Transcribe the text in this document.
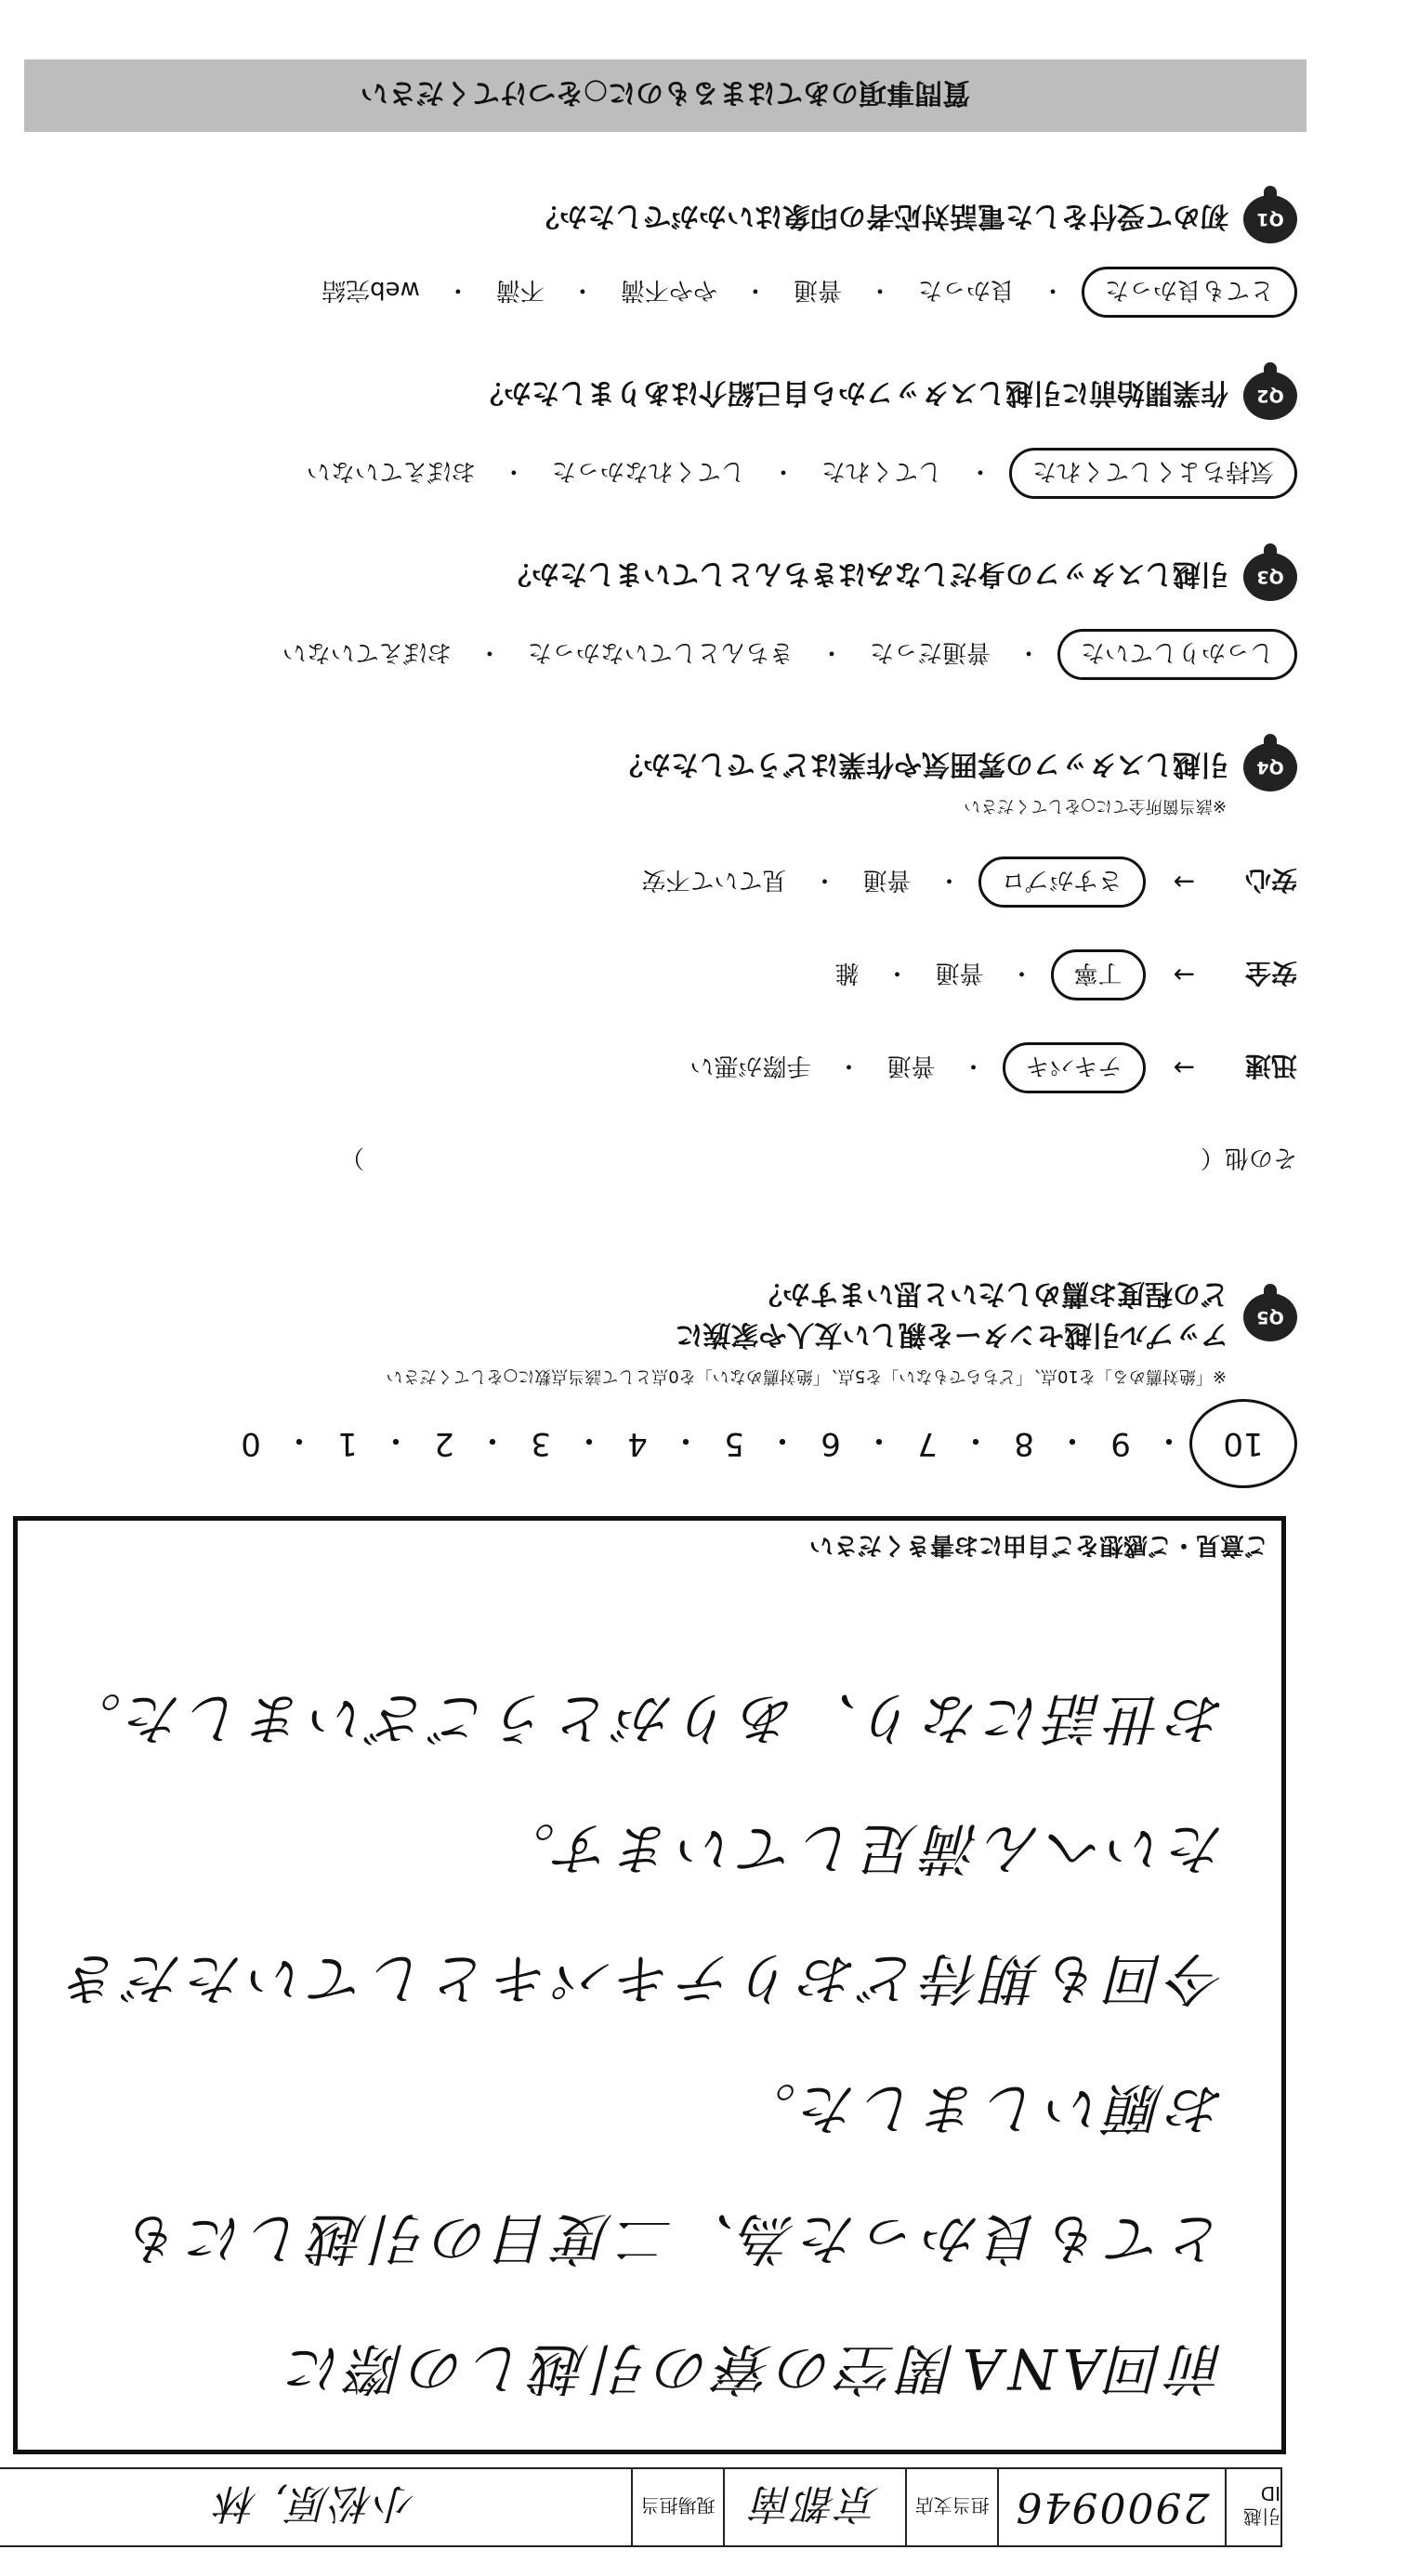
引越ID
2900946
担当支店
京都南
現場担当
小松原, 林
ご意見・ご感想をご自由にお書きください
前回ANA関空の寮の引越しの際に
とても良かった為、二度目の引越しにも
お願いしました。
今回も期待どおりテキパキとしていただき
たいへん満足しています。
お世話になり、ありがとうございました。
10
・
9
・
8
・
7
・
6
・
5
・
4
・
3
・
2
・
1
・
0
※「絶対薦める」を10点、「どちらでもない」を5点、「絶対薦めない」を0点として該当点数に○をしてください
Q5
アップル引越センターを親しい友人や家族に
どの程度お薦めしたいと思いますか？
その他（
）
迅速
→
テキパキ
・
普通
・
手際が悪い
安全
→
丁寧
・
普通
・
雑
安心
→
さすがプロ
・
普通
・
見ていて不安
※該当箇所全てに○をしてください
Q4
引越しスタッフの雰囲気や作業はどうでしたか？
しっかりしていた
・
普通だった
・
きちんとしていなかった
・
おぼえていない
Q3
引越しスタッフの身だしなみはきちんとしていましたか？
気持ちよくしてくれた
・
してくれた
・
してくれなかった
・
おぼえていない
Q2
作業開始前に引越しスタッフから自己紹介はありましたか？
とても良かった
・
良かった
・
普通
・
やや不満
・
不満
・
web完結
Q1
初めて受付をした電話対応者の印象はいかがでしたか？
質問事項のあてはまるものに○をつけてください
